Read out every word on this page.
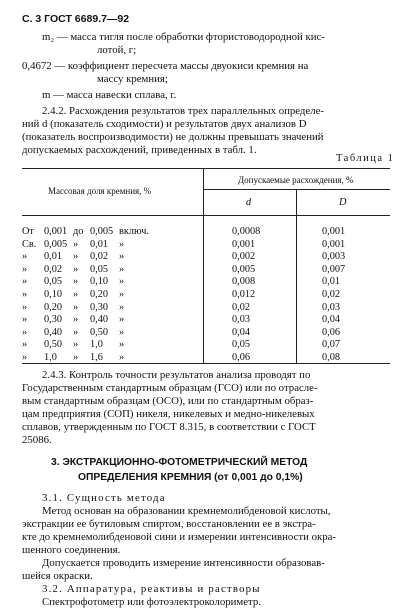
С. 3 ГОСТ 6689.7—92
m₂ — масса тигля после обработки фтористоводородной кис-
лотой, г;
0,4672 — коэффициент пересчета массы двуокиси кремния на
массу кремния;
m — масса навески сплава, г.
2.4.2. Расхождения результатов трех параллельных определе-
ний d (показатель сходимости) и результатов двух анализов D
(показатель воспроизводимости) не должны превышать значений
допускаемых расхождений, приведенных в табл. 1.
Таблица 1
Массовая доля кремния, %
Допускаемые расхождения, %
d	D
От 0,001 до 0,005 включ.	0,0008	0,001
Св. 0,005 » 0,01 »	0,001	0,001
» 0,01 » 0,02 »	0,002	0,003
» 0,02 » 0,05 »	0,005	0,007
» 0,05 » 0,10 »	0,008	0,01
» 0,10 » 0,20 »	0,012	0,02
» 0,20 » 0,30 »	0,02	0,03
» 0,30 » 0,40 »	0,03	0,04
» 0,40 » 0,50 »	0,04	0,06
» 0,50 » 1,0 »	0,05	0,07
» 1,0 » 1,6 »	0,06	0,08
2.4.3. Контроль точности результатов анализа проводят по
Государственным стандартным образцам (ГСО) или по отрасле-
вым стандартным образцам (ОСО), или по стандартным образ-
цам предприятия (СОП) никеля, никелевых и медно-никелевых
сплавов, утвержденным по ГОСТ 8.315, в соответствии с ГОСТ
25086.
3. ЭКСТРАКЦИОННО-ФОТОМЕТРИЧЕСКИЙ МЕТОД
ОПРЕДЕЛЕНИЯ КРЕМНИЯ (от 0,001 до 0,1%)
3.1. Сущность метода
Метод основан на образовании кремнемолибденовой кислоты,
экстракции ее бутиловым спиртом, восстановлении ее в экстра-
кте до кремнемолибденовой сини и измерении интенсивности окра-
шенного соединения.
Допускается проводить измерение интенсивности образовав-
шейся окраски.
3.2. Аппаратура, реактивы и растворы
Спектрофотометр или фотоэлектроколориметр.
